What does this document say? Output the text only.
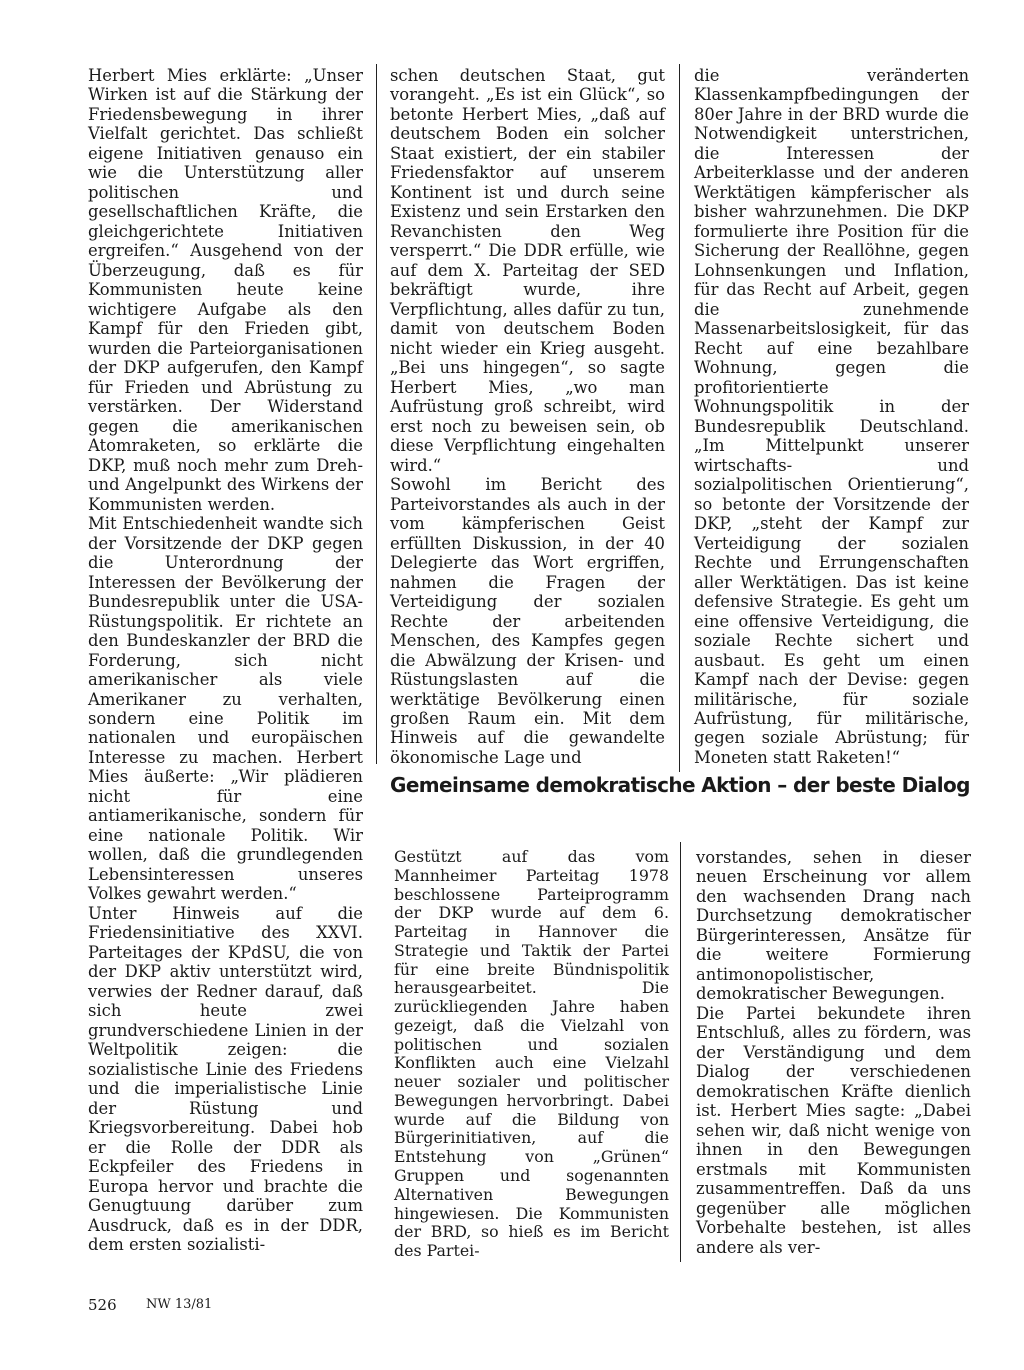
Herbert Mies erklärte: „Unser Wirken ist auf die Stärkung der Friedensbewegung in ihrer Vielfalt gerichtet. Das schließt eigene Initiativen genauso ein wie die Unterstützung aller politischen und gesellschaftlichen Kräfte, die gleichgerichtete Initiativen ergreifen.“ Ausgehend von der Überzeugung, daß es für Kommunisten heute keine wichtigere Aufgabe als den Kampf für den Frieden gibt, wurden die Parteiorganisationen der DKP aufgerufen, den Kampf für Frieden und Abrüstung zu verstärken. Der Widerstand gegen die amerikanischen Atomraketen, so erklärte die DKP, muß noch mehr zum Dreh- und Angelpunkt des Wirkens der Kommunisten werden.

Mit Entschiedenheit wandte sich der Vorsitzende der DKP gegen die Unterordnung der Interessen der Bevölkerung der Bundesrepublik unter die USA-Rüstungspolitik. Er richtete an den Bundeskanzler der BRD die Forderung, sich nicht amerikanischer als viele Amerikaner zu verhalten, sondern eine Politik im nationalen und europäischen Interesse zu machen. Herbert Mies äußerte: „Wir plädieren nicht für eine antiamerikanische, sondern für eine nationale Politik. Wir wollen, daß die grundlegenden Lebensinteressen unseres Volkes gewahrt werden.“

Unter Hinweis auf die Friedensinitiative des XXVI. Parteitages der KPdSU, die von der DKP aktiv unterstützt wird, verwies der Redner darauf, daß sich heute zwei grundverschiedene Linien in der Weltpolitik zeigen: die sozialistische Linie des Friedens und die imperialistische Linie der Rüstung und Kriegsvorbereitung. Dabei hob er die Rolle der DDR als Eckpfeiler des Friedens in Europa hervor und brachte die Genugtuung darüber zum Ausdruck, daß es in der DDR, dem ersten sozialisti-

schen deutschen Staat, gut vorangeht. „Es ist ein Glück“, so betonte Herbert Mies, „daß auf deutschem Boden ein solcher Staat existiert, der ein stabiler Friedensfaktor auf unserem Kontinent ist und durch seine Existenz und sein Erstarken den Revanchisten den Weg versperrt.“ Die DDR erfülle, wie auf dem X. Parteitag der SED bekräftigt wurde, ihre Verpflichtung, alles dafür zu tun, damit von deutschem Boden nicht wieder ein Krieg ausgeht. „Bei uns hingegen“, so sagte Herbert Mies, „wo man Aufrüstung groß schreibt, wird erst noch zu beweisen sein, ob diese Verpflichtung eingehalten wird.“

Sowohl im Bericht des Parteivorstandes als auch in der vom kämpferischen Geist erfüllten Diskussion, in der 40 Delegierte das Wort ergriffen, nahmen die Fragen der Verteidigung der sozialen Rechte der arbeitenden Menschen, des Kampfes gegen die Abwälzung der Krisen- und Rüstungslasten auf die werktätige Bevölkerung einen großen Raum ein. Mit dem Hinweis auf die gewandelte ökonomische Lage und

die veränderten Klassenkampfbedingungen der 80er Jahre in der BRD wurde die Notwendigkeit unterstrichen, die Interessen der Arbeiterklasse und der anderen Werktätigen kämpferischer als bisher wahrzunehmen. Die DKP formulierte ihre Position für die Sicherung der Reallöhne, gegen Lohnsenkungen und Inflation, für das Recht auf Arbeit, gegen die zunehmende Massenarbeitslosigkeit, für das Recht auf eine bezahlbare Wohnung, gegen die profitorientierte Wohnungspolitik in der Bundesrepublik Deutschland. „Im Mittelpunkt unserer wirtschafts- und sozialpolitischen Orientierung“, so betonte der Vorsitzende der DKP, „steht der Kampf zur Verteidigung der sozialen Rechte und Errungenschaften aller Werktätigen. Das ist keine defensive Strategie. Es geht um eine offensive Verteidigung, die soziale Rechte sichert und ausbaut. Es geht um einen Kampf nach der Devise: gegen militärische, für soziale Aufrüstung, für militärische, gegen soziale Abrüstung; für Moneten statt Raketen!“

Gemeinsame demokratische Aktion – der beste Dialog

Gestützt auf das vom Mannheimer Parteitag 1978 beschlossene Parteiprogramm der DKP wurde auf dem 6. Parteitag in Hannover die Strategie und Taktik der Partei für eine breite Bündnispolitik herausgearbeitet. Die zurückliegenden Jahre haben gezeigt, daß die Vielzahl von politischen und sozialen Konflikten auch eine Vielzahl neuer sozialer und politischer Bewegungen hervorbringt. Dabei wurde auf die Bildung von Bürgerinitiativen, auf die Entstehung von „Grünen“ Gruppen und sogenannten Alternativen Bewegungen hingewiesen. Die Kommunisten der BRD, so hieß es im Bericht des Partei-

vorstandes, sehen in dieser neuen Erscheinung vor allem den wachsenden Drang nach Durchsetzung demokratischer Bürgerinteressen, Ansätze für die weitere Formierung antimonopolistischer, demokratischer Bewegungen.

Die Partei bekundete ihren Entschluß, alles zu fördern, was der Verständigung und dem Dialog der verschiedenen demokratischen Kräfte dienlich ist. Herbert Mies sagte: „Dabei sehen wir, daß nicht wenige von ihnen in den Bewegungen erstmals mit Kommunisten zusammentreffen. Daß da uns gegenüber alle möglichen Vorbehalte bestehen, ist alles andere als ver-

526 NW 13/81
